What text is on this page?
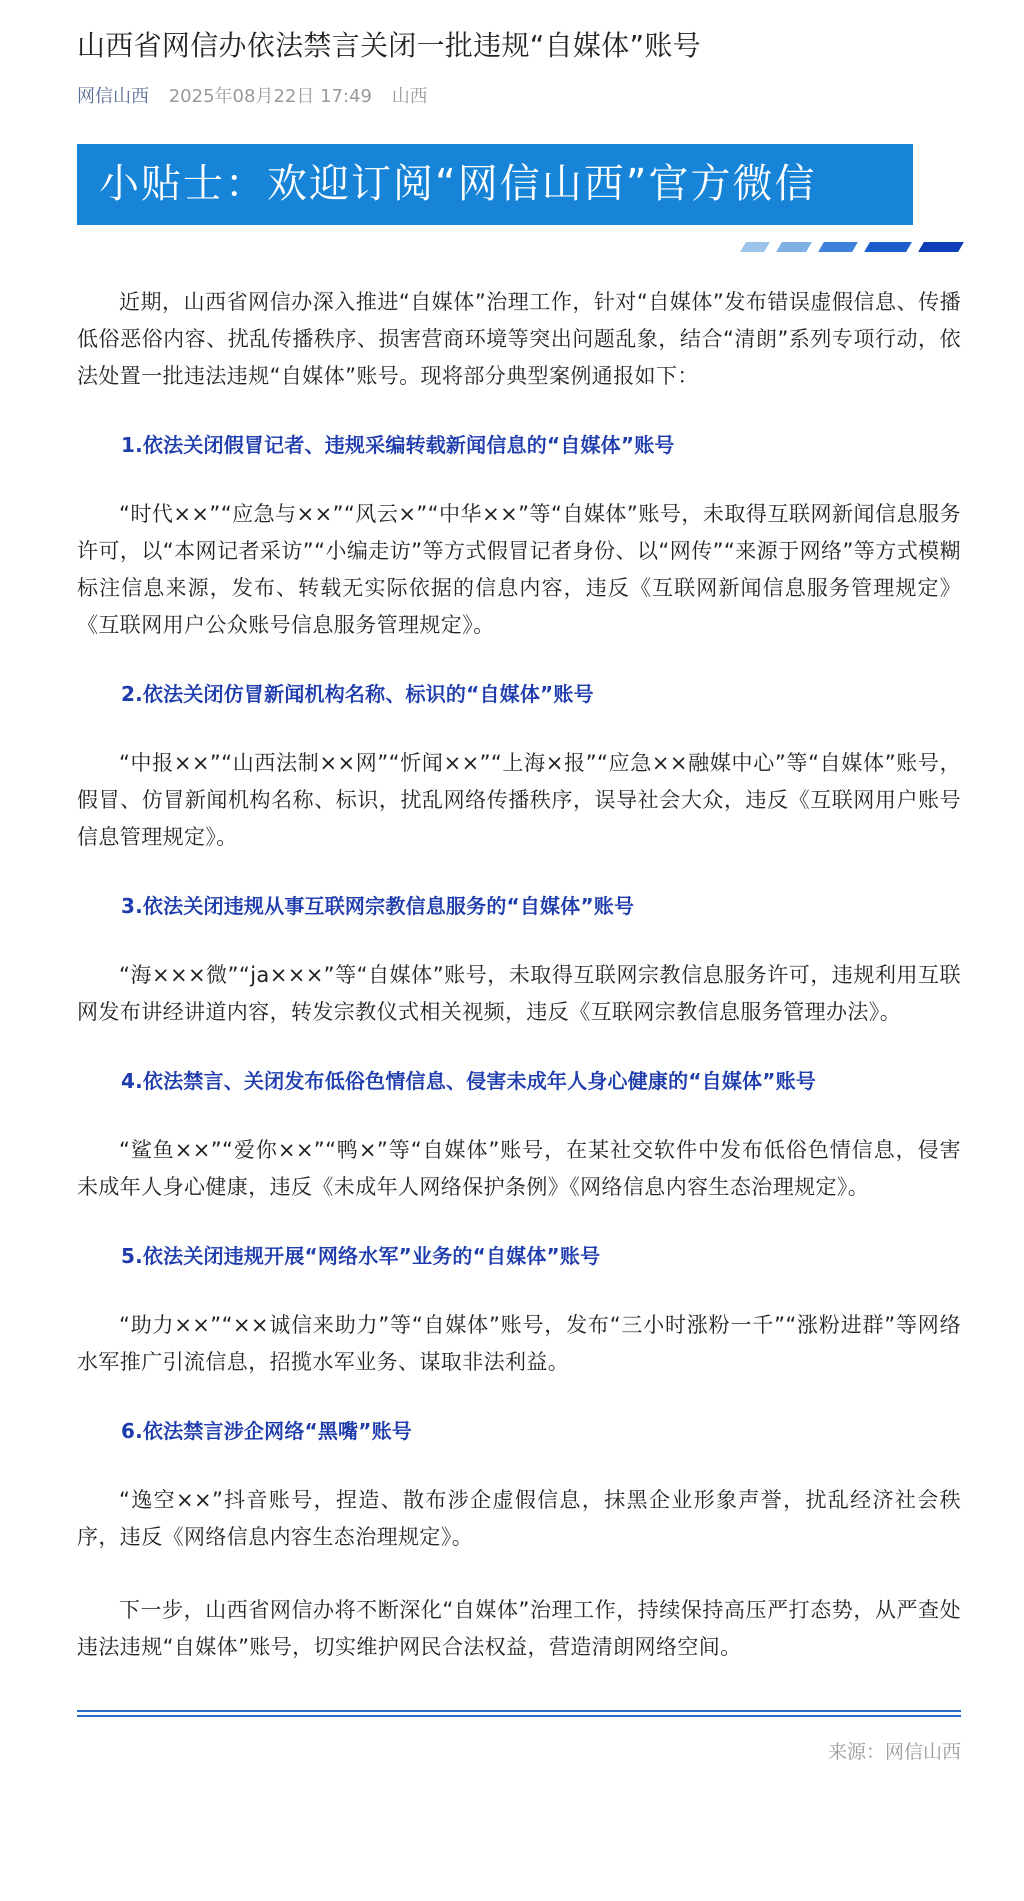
山西省网信办依法禁言关闭一批违规“自媒体”账号
网信山西 2025年08月22日 17:49 山西
小贴士：欢迎订阅“网信山西”官方微信

近期，山西省网信办深入推进“自媒体”治理工作，针对“自媒体”发布错误虚假信息、传播低俗恶俗内容、扰乱传播秩序、损害营商环境等突出问题乱象，结合“清朗”系列专项行动，依法处置一批违法违规“自媒体”账号。现将部分典型案例通报如下：

1.依法关闭假冒记者、违规采编转载新闻信息的“自媒体”账号

“时代××”“应急与××”“风云×”“中华××”等“自媒体”账号，未取得互联网新闻信息服务许可，以“本网记者采访”“小编走访”等方式假冒记者身份、以“网传”“来源于网络”等方式模糊标注信息来源，发布、转载无实际依据的信息内容，违反《互联网新闻信息服务管理规定》《互联网用户公众账号信息服务管理规定》。

2.依法关闭仿冒新闻机构名称、标识的“自媒体”账号

“中报××”“山西法制××网”“忻闻××”“上海×报”“应急××融媒中心”等“自媒体”账号，假冒、仿冒新闻机构名称、标识，扰乱网络传播秩序，误导社会大众，违反《互联网用户账号信息管理规定》。

3.依法关闭违规从事互联网宗教信息服务的“自媒体”账号

“海×××微”“ja×××”等“自媒体”账号，未取得互联网宗教信息服务许可，违规利用互联网发布讲经讲道内容，转发宗教仪式相关视频，违反《互联网宗教信息服务管理办法》。

4.依法禁言、关闭发布低俗色情信息、侵害未成年人身心健康的“自媒体”账号

“鲨鱼××”“爱你××”“鸭×”等“自媒体”账号，在某社交软件中发布低俗色情信息，侵害未成年人身心健康，违反《未成年人网络保护条例》《网络信息内容生态治理规定》。

5.依法关闭违规开展“网络水军”业务的“自媒体”账号

“助力××”“××诚信来助力”等“自媒体”账号，发布“三小时涨粉一千”“涨粉进群”等网络水军推广引流信息，招揽水军业务、谋取非法利益。

6.依法禁言涉企网络“黑嘴”账号

“逸空××”抖音账号，捏造、散布涉企虚假信息，抹黑企业形象声誉，扰乱经济社会秩序，违反《网络信息内容生态治理规定》。

下一步，山西省网信办将不断深化“自媒体”治理工作，持续保持高压严打态势，从严查处违法违规“自媒体”账号，切实维护网民合法权益，营造清朗网络空间。

来源：网信山西
